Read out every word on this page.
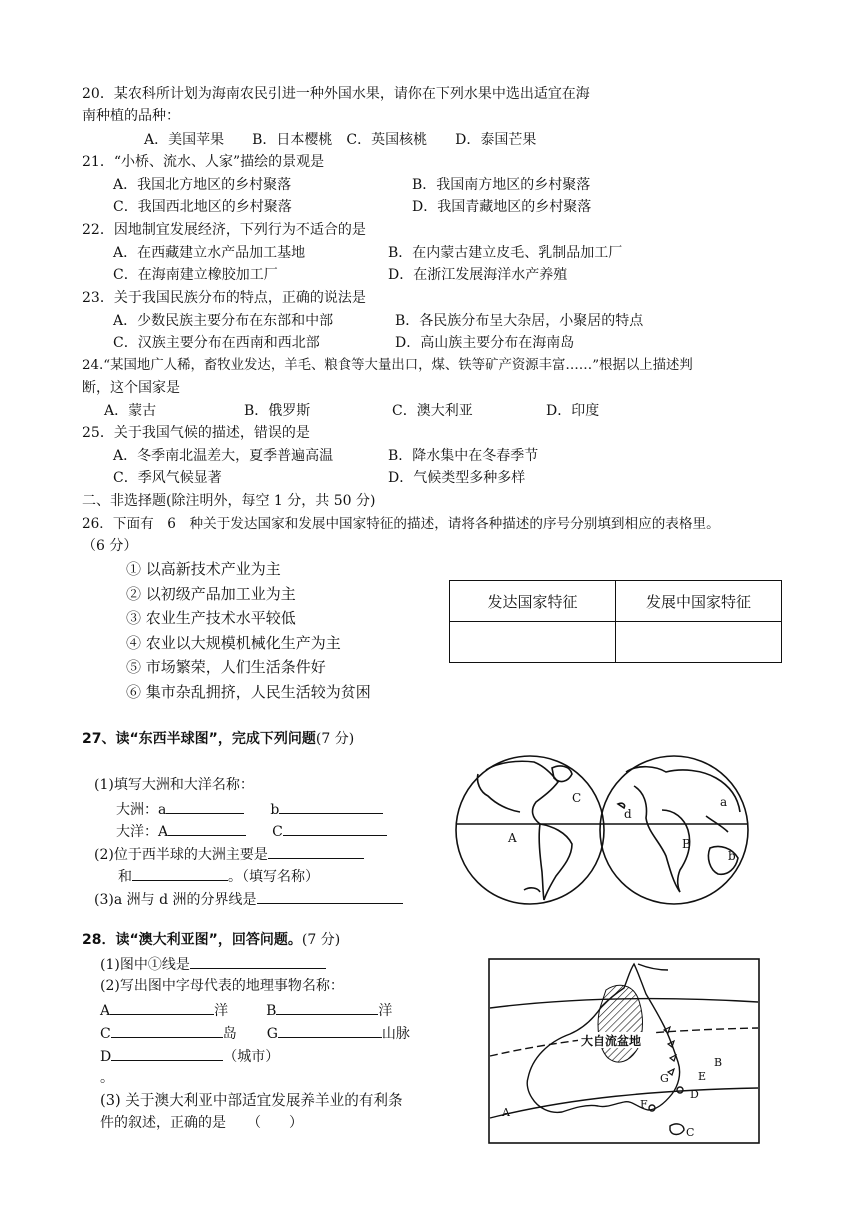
20．某农科所计划为海南农民引进一种外国水果，请你在下列水果中选出适宜在海
南种植的品种：
A．美国苹果　　B．日本樱桃　C．英国核桃　　D．泰国芒果
21．“小桥、流水、人家”描绘的景观是
A．我国北方地区的乡村聚落	B．我国南方地区的乡村聚落
C．我国西北地区的乡村聚落	D．我国青藏地区的乡村聚落
22．因地制宜发展经济，下列行为不适合的是
A．在西藏建立水产品加工基地	B．在内蒙古建立皮毛、乳制品加工厂
C．在海南建立橡胶加工厂	D．在浙江发展海洋水产养殖
23．关于我国民族分布的特点，正确的说法是
A．少数民族主要分布在东部和中部	B．各民族分布呈大杂居，小聚居的特点
C．汉族主要分布在西南和西北部	D．高山族主要分布在海南岛
24.“某国地广人稀，畜牧业发达，羊毛、粮食等大量出口，煤、铁等矿产资源丰富……”根据以上描述判
断，这个国家是
A．蒙古	B．俄罗斯	C．澳大利亚	D．印度
25．关于我国气候的描述，错误的是
A．冬季南北温差大，夏季普遍高温	B．降水集中在冬春季节
C．季风气候显著	D．气候类型多种多样
二、非选择题(除注明外，每空 1 分，共 50 分)
26．下面有　6　种关于发达国家和发展中国家特征的描述，请将各种描述的序号分别填到相应的表格里。
（6 分）
① 以高新技术产业为主
② 以初级产品加工业为主
③ 农业生产技术水平较低
④ 农业以大规模机械化生产为主
⑤ 市场繁荣，人们生活条件好
⑥ 集市杂乱拥挤，人民生活较为贫困
发达国家特征	发展中国家特征

27、读“东西半球图”，完成下列问题(7 分)
(1)填写大洲和大洋名称：
大洲：a	b
大洋：A	C
(2)位于西半球的大洲主要是
和	。（填写名称）
(3)a 洲与 d 洲的分界线是
C	a
d
A	B
b
28．读“澳大利亚图”，回答问题。(7 分)
(1)图中①线是
(2)写出图中字母代表的地理事物名称：
A	洋	B	洋
C	岛 G	山脉
D	（城市）
。
(3) 关于澳大利亚中部适宜发展养羊业的有利条
件的叙述，正确的是　　（　　）
大自流盆地
B
G	E
D
F
A
C
